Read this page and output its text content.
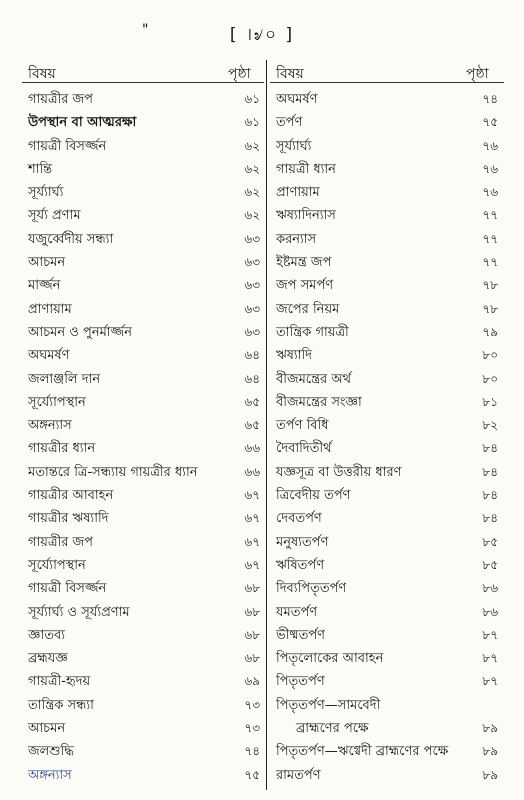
"	[ ।৶০ ]
বিষয়	পৃষ্ঠা বিষয়	পৃষ্ঠা
গায়ত্রীর জপ	৬১
উপস্থান বা আত্মরক্ষা	৬১
গায়ত্রী বিসর্জ্জন	৬২
শান্তি	৬২
সূর্য্যার্ঘ্য	৬২
সূর্য্য প্রণাম	৬২
যজুর্ব্বেদীয় সন্ধ্যা	৬৩
আচমন	৬৩
মার্জ্জন	৬৩
প্রাণায়াম	৬৩
আচমন ও পুনর্মার্জ্জন	৬৩
অঘমর্ষণ	৬৪
জলাঞ্জলি দান	৬৪
সূর্য্যোপস্থান	৬৫
অঙ্গন্যাস	৬৫
গায়ত্রীর ধ্যান	৬৬
মতান্তরে ত্রি-সন্ধ্যায় গায়ত্রীর ধ্যান	৬৬
গায়ত্রীর আবাহন	৬৭
গায়ত্রীর ঋষ্যাদি	৬৭
গায়ত্রীর জপ	৬৭
সূর্য্যোপস্থান	৬৭
গায়ত্রী বিসর্জ্জন	৬৮
সূর্য্যার্ঘ্য ও সূর্য্যপ্রণাম	৬৮
জ্ঞাতব্য	৬৮
ব্রহ্মযজ্ঞ	৬৮
গায়ত্রী-হৃদয়	৬৯
তান্ত্রিক সন্ধ্যা	৭৩
আচমন	৭৩
জলশুদ্ধি	৭৪
অঙ্গন্যাস	৭৫
অঘমর্ষণ	৭৪
তর্পণ	৭৫
সূর্য্যার্ঘ্য	৭৬
গায়ত্রী ধ্যান	৭৬
প্রাণায়াম	৭৬
ঋষ্যাদিন্যাস	৭৭
করন্যাস	৭৭
ইষ্টমন্ত্র জপ	৭৭
জপ সমর্পণ	৭৮
জপের নিয়ম	৭৮
তান্ত্রিক গায়ত্রী	৭৯
ঋষ্যাদি	৮০
বীজমন্ত্রের অর্থ	৮০
বীজমন্ত্রের সংজ্ঞা	৮১
তর্পণ বিধি	৮২
দৈবাদিতীর্থ	৮৪
যজ্ঞসূত্র বা উত্তরীয় ধারণ	৮৪
ত্রিবেদীয় তর্পণ	৮৪
দেবতর্পণ	৮৪
মনুষ্যতর্পণ	৮৫
ঋষিতর্পণ	৮৫
দিব্যপিতৃতর্পণ	৮৬
যমতর্পণ	৮৬
ভীষ্মতর্পণ	৮৭
পিতৃলোকের আবাহন	৮৭
পিতৃতর্পণ	৮৭
পিতৃতর্পণ—সামবেদী
ব্রাহ্মণের পক্ষে	৮৯
পিতৃতর্পণ—ঋগ্বেদী ব্রাহ্মণের পক্ষে	৮৯
রামতর্পণ	৮৯
